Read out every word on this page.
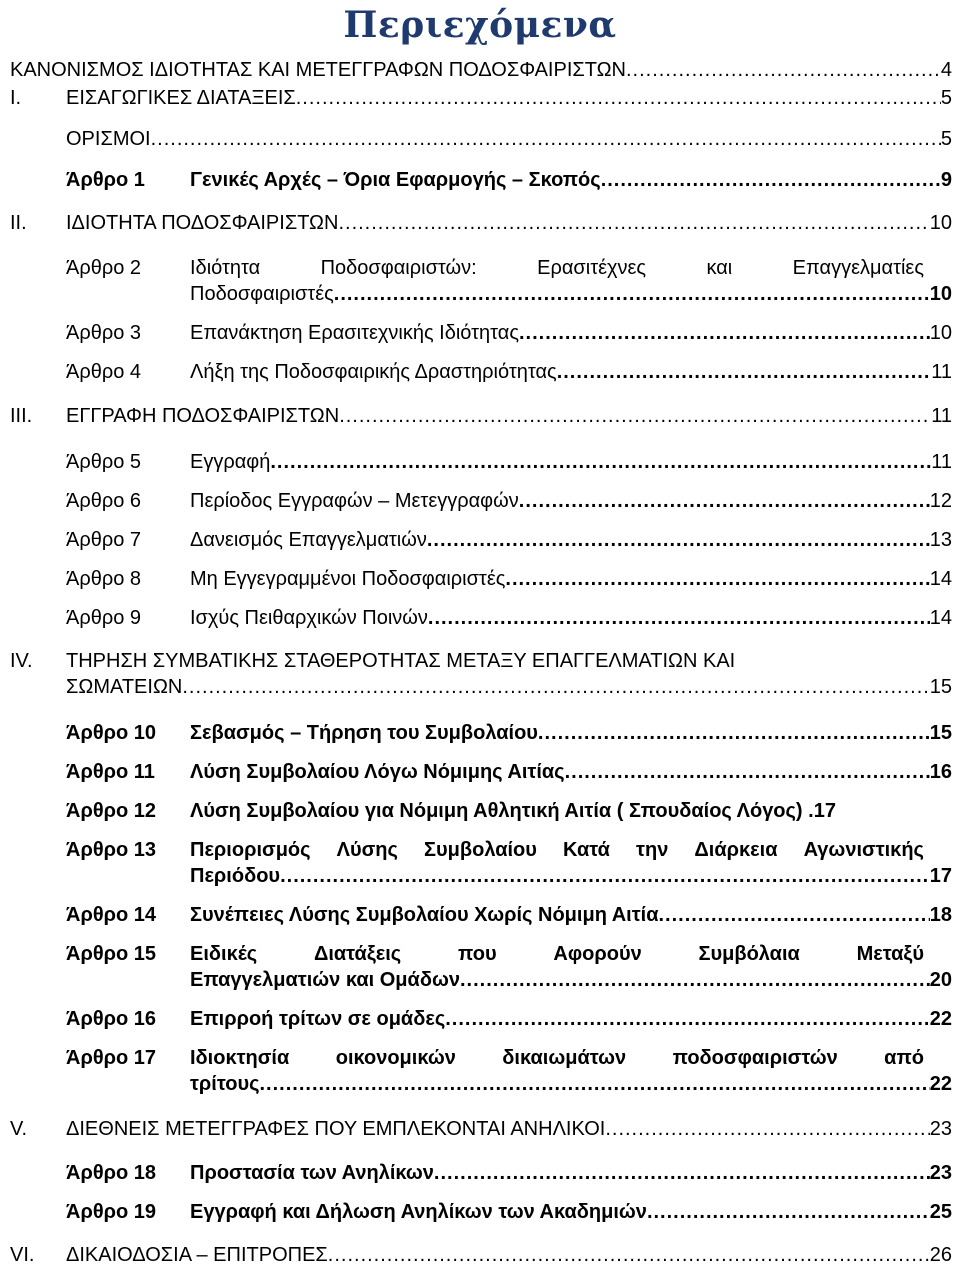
Περιεχόμενα
ΚΑΝΟΝΙΣΜΟΣ ΙΔΙΟΤΗΤΑΣ ΚΑΙ ΜΕΤΕΓΓΡΑΦΩΝ ΠΟΔΟΣΦΑΙΡΙΣΤΩΝ .....	4
I. ΕΙΣΑΓΩΓΙΚΕΣ ΔΙΑΤΑΞΕΙΣ .....	5
ΟΡΙΣΜΟΙ .....	5
Άρθρο 1 Γενικές Αρχές – Όρια Εφαρμογής – Σκοπός .....	9
II. ΙΔΙΟΤΗΤΑ ΠΟΔΟΣΦΑΙΡΙΣΤΩΝ .....	10
Άρθρο 2 Ιδιότητα	Ποδοσφαιριστών:	Ερασιτέχνες	και	Επαγγελματίες
Ποδοσφαιριστές .....	10
Άρθρο 3 Επανάκτηση Ερασιτεχνικής Ιδιότητας .....	10
Άρθρο 4 Λήξη της Ποδοσφαιρικής Δραστηριότητας .....	11
III. ΕΓΓΡΑΦΗ ΠΟΔΟΣΦΑΙΡΙΣΤΩΝ .....	11
Άρθρο 5 Εγγραφή .....	11
Άρθρο 6 Περίοδος Εγγραφών – Μετεγγραφών .....	12
Άρθρο 7 Δανεισμός Επαγγελματιών .....	13
Άρθρο 8 Μη Εγγεγραμμένοι Ποδοσφαιριστές .....	14
Άρθρο 9 Ισχύς Πειθαρχικών Ποινών .....	14
IV. ΤΗΡΗΣΗ ΣΥΜΒΑΤΙΚΗΣ ΣΤΑΘΕΡΟΤΗΤΑΣ ΜΕΤΑΞΥ ΕΠΑΓΓΕΛΜΑΤΙΩΝ ΚΑΙ
ΣΩΜΑΤΕΙΩΝ .....	15
Άρθρο 10 Σεβασμός – Τήρηση του Συμβολαίου .....	15
Άρθρο 11 Λύση Συμβολαίου Λόγω Νόμιμης Αιτίας .....	16
Άρθρο 12 Λύση Συμβολαίου για Νόμιμη Αθλητική Αιτία ( Σπουδαίος Λόγος) .17
Άρθρο 13 Περιορισμός Λύσης Συμβολαίου Κατά την Διάρκεια Αγωνιστικής
Περιόδου .....	17
Άρθρο 14 Συνέπειες Λύσης Συμβολαίου Χωρίς Νόμιμη Αιτία .....	18
Άρθρο 15 Ειδικές	Διατάξεις	που	Αφορούν	Συμβόλαια	Μεταξύ
Επαγγελματιών και Ομάδων .....	20
Άρθρο 16 Επιρροή τρίτων σε ομάδες .....	22
Άρθρο 17 Ιδιοκτησία οικονομικών δικαιωμάτων ποδοσφαιριστών από
τρίτους .....	22
V. ΔΙΕΘΝΕΙΣ ΜΕΤΕΓΓΡΑΦΕΣ ΠΟΥ ΕΜΠΛΕΚΟΝΤΑΙ ΑΝΗΛΙΚΟΙ .....	23
Άρθρο 18 Προστασία των Ανηλίκων .....	23
Άρθρο 19 Εγγραφή και Δήλωση Ανηλίκων των Ακαδημιών .....	25
VI. ΔΙΚΑΙΟΔΟΣΙΑ – ΕΠΙΤΡΟΠΕΣ .....	26
